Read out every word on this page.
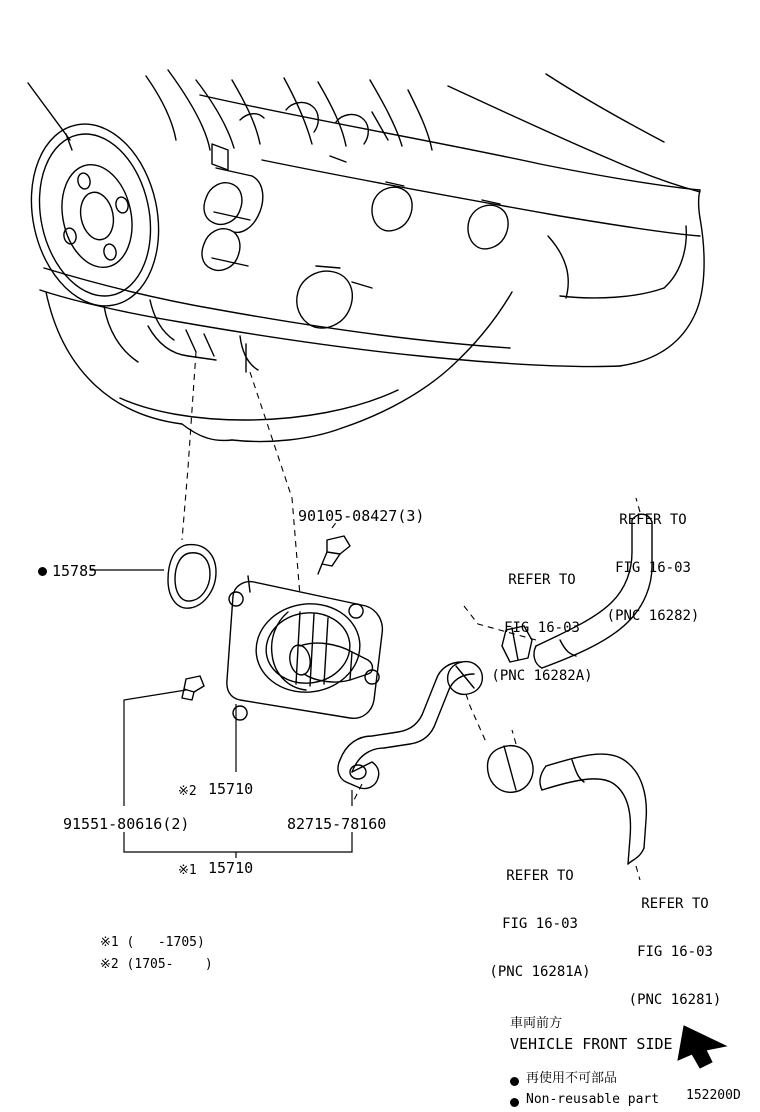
15785
90105-08427(3)
※2 15710
91551-80616(2)	82715-78160
※1 15710

REFER TO

FIG 16-03

(PNC 16282)

REFER TO

FIG 16-03

(PNC 16282A)

REFER TO

FIG 16-03

(PNC 16281A)

REFER TO

FIG 16-03

(PNC 16281)

※1 (   -1705)
※2 (1705-    )
車両前方
VEHICLE FRONT SIDE
再使用不可部品
Non-reusable part 152200D
